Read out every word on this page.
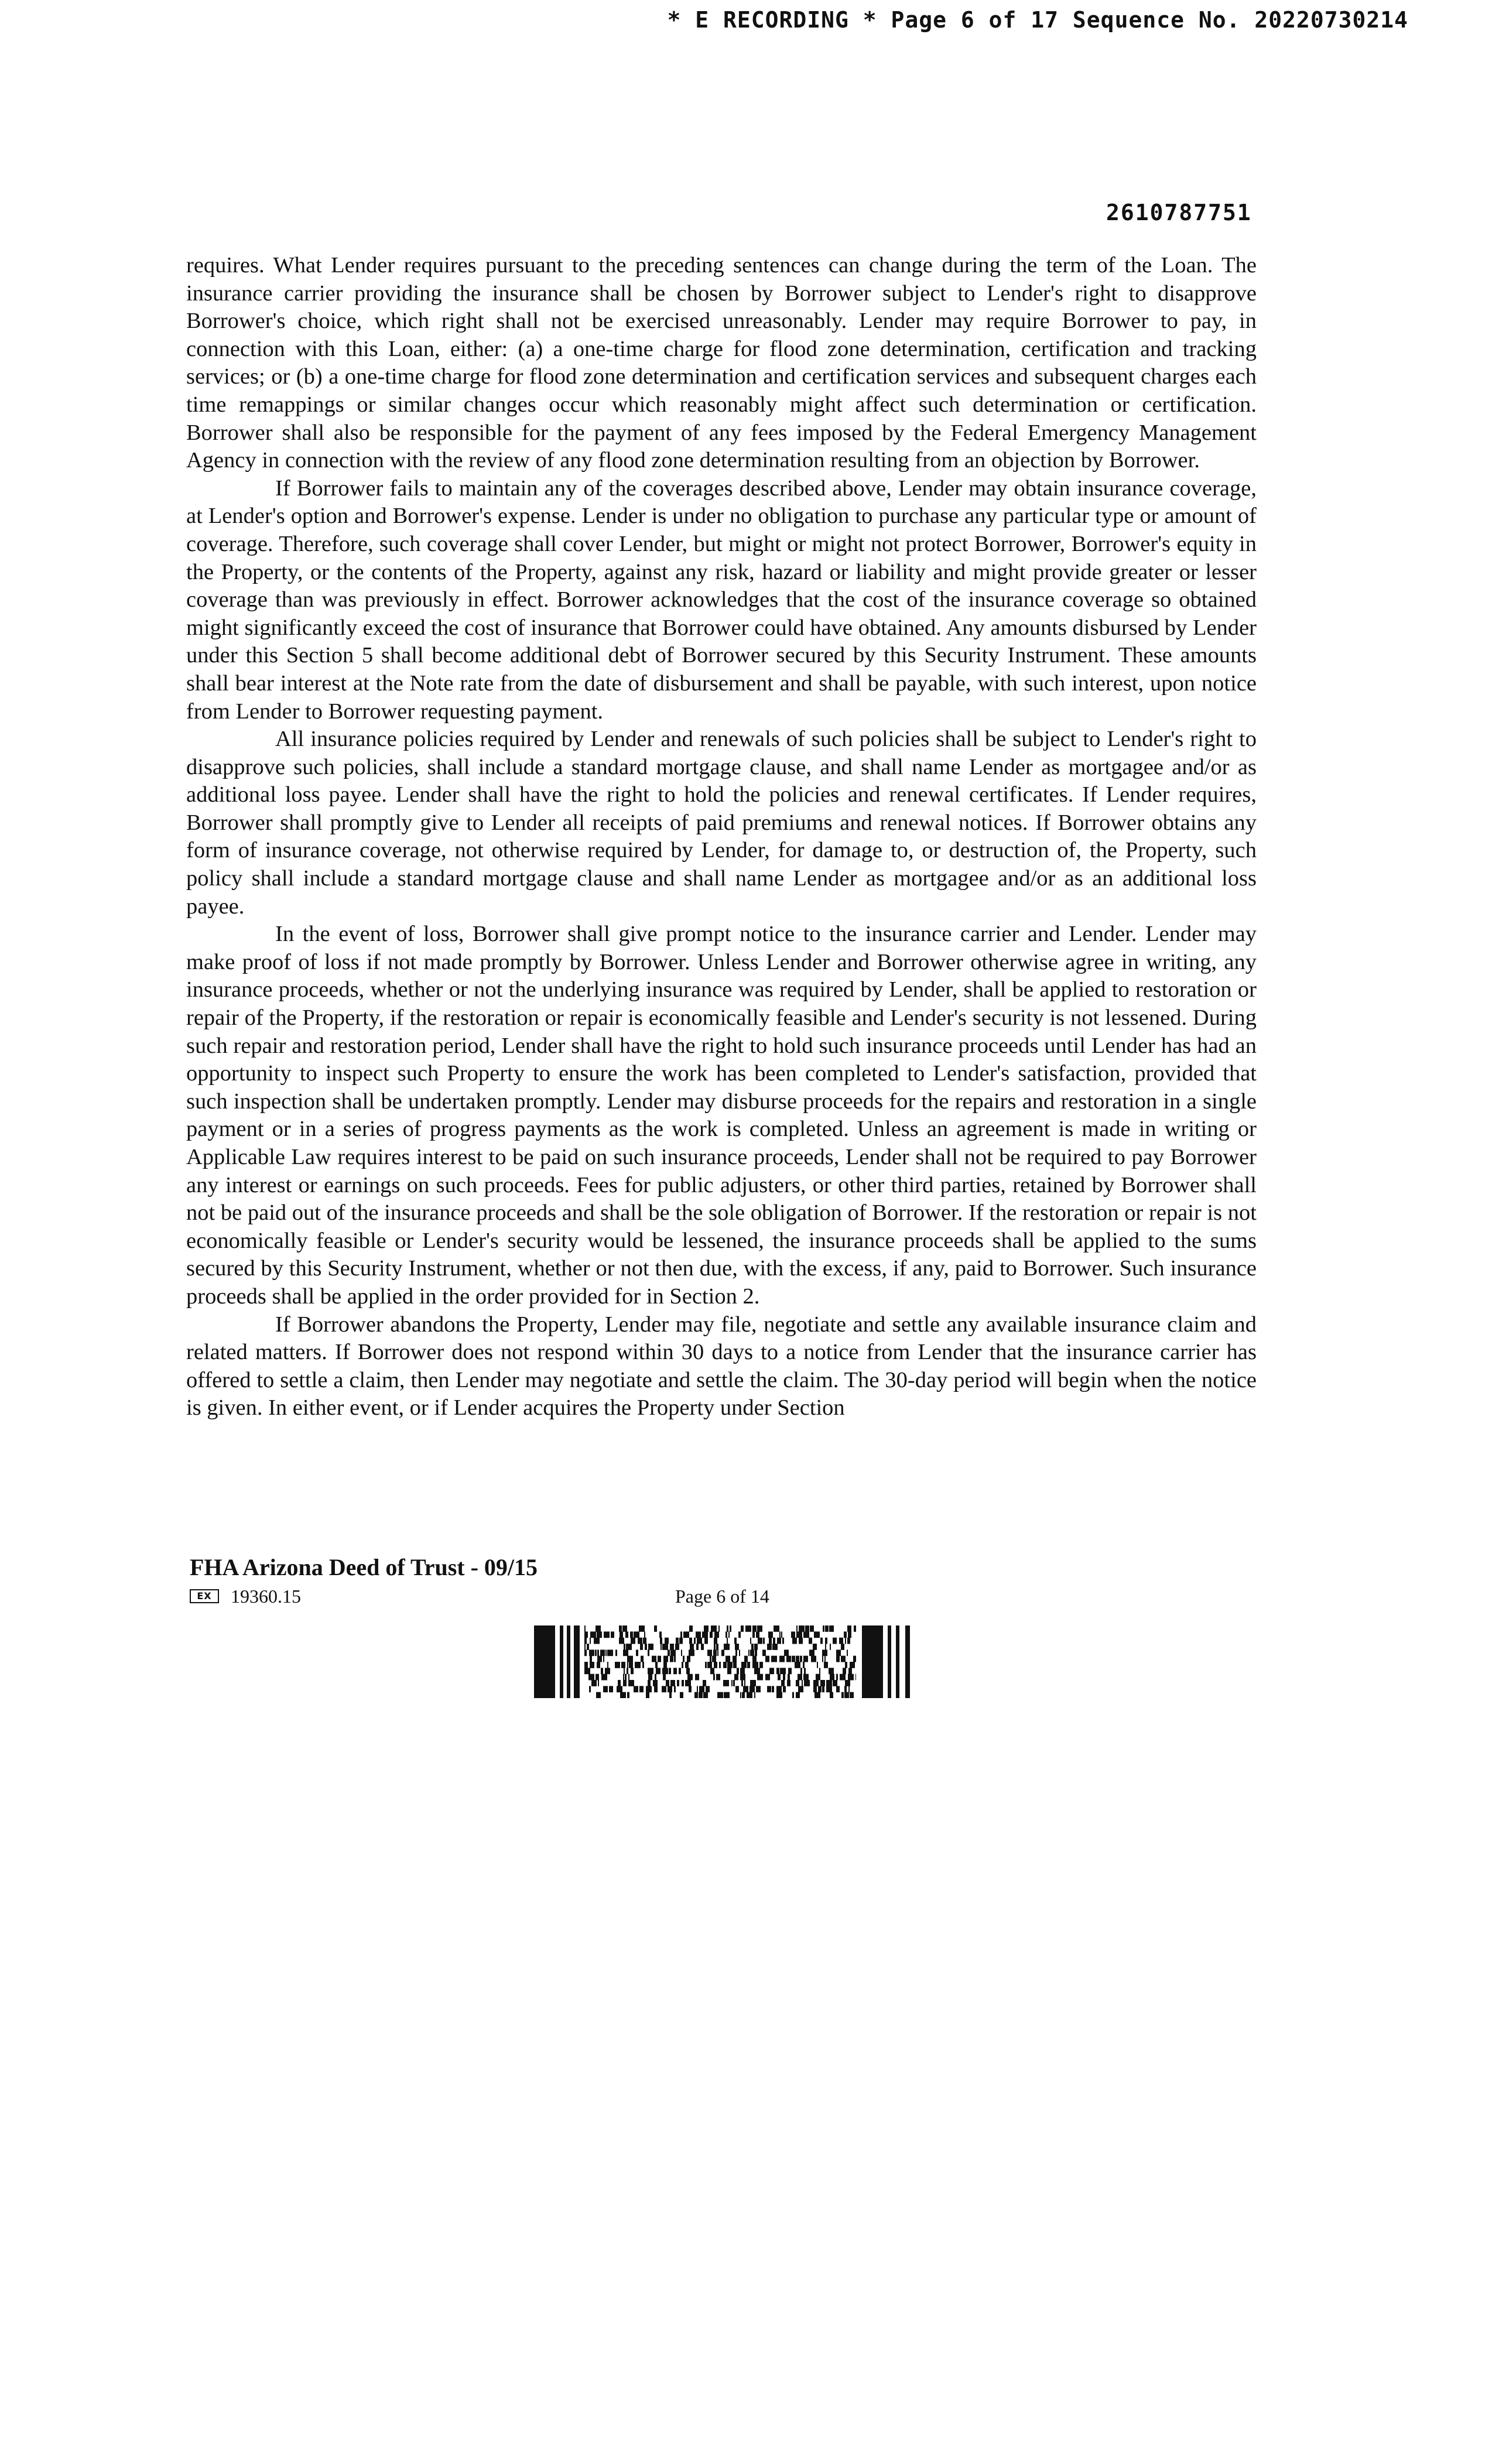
* E RECORDING * Page 6 of 17 Sequence No. 20220730214
2610787751

requires. What Lender requires pursuant to the preceding sentences can change during the term of the Loan. The insurance carrier providing the insurance shall be chosen by Borrower subject to Lender's right to disapprove Borrower's choice, which right shall not be exercised unreasonably. Lender may require Borrower to pay, in connection with this Loan, either: (a) a one-time charge for flood zone determination, certification and tracking services; or (b) a one-time charge for flood zone determination and certification services and subsequent charges each time remappings or similar changes occur which reasonably might affect such determination or certification. Borrower shall also be responsible for the payment of any fees imposed by the Federal Emergency Management Agency in connection with the review of any flood zone determination resulting from an objection by Borrower.

If Borrower fails to maintain any of the coverages described above, Lender may obtain insurance coverage, at Lender's option and Borrower's expense. Lender is under no obligation to purchase any particular type or amount of coverage. Therefore, such coverage shall cover Lender, but might or might not protect Borrower, Borrower's equity in the Property, or the contents of the Property, against any risk, hazard or liability and might provide greater or lesser coverage than was previously in effect. Borrower acknowledges that the cost of the insurance coverage so obtained might significantly exceed the cost of insurance that Borrower could have obtained. Any amounts disbursed by Lender under this Section 5 shall become additional debt of Borrower secured by this Security Instrument. These amounts shall bear interest at the Note rate from the date of disbursement and shall be payable, with such interest, upon notice from Lender to Borrower requesting payment.

All insurance policies required by Lender and renewals of such policies shall be subject to Lender's right to disapprove such policies, shall include a standard mortgage clause, and shall name Lender as mortgagee and/or as additional loss payee. Lender shall have the right to hold the policies and renewal certificates. If Lender requires, Borrower shall promptly give to Lender all receipts of paid premiums and renewal notices. If Borrower obtains any form of insurance coverage, not otherwise required by Lender, for damage to, or destruction of, the Property, such policy shall include a standard mortgage clause and shall name Lender as mortgagee and/or as an additional loss payee.

In the event of loss, Borrower shall give prompt notice to the insurance carrier and Lender. Lender may make proof of loss if not made promptly by Borrower. Unless Lender and Borrower otherwise agree in writing, any insurance proceeds, whether or not the underlying insurance was required by Lender, shall be applied to restoration or repair of the Property, if the restoration or repair is economically feasible and Lender's security is not lessened. During such repair and restoration period, Lender shall have the right to hold such insurance proceeds until Lender has had an opportunity to inspect such Property to ensure the work has been completed to Lender's satisfaction, provided that such inspection shall be undertaken promptly. Lender may disburse proceeds for the repairs and restoration in a single payment or in a series of progress payments as the work is completed. Unless an agreement is made in writing or Applicable Law requires interest to be paid on such insurance proceeds, Lender shall not be required to pay Borrower any interest or earnings on such proceeds. Fees for public adjusters, or other third parties, retained by Borrower shall not be paid out of the insurance proceeds and shall be the sole obligation of Borrower. If the restoration or repair is not economically feasible or Lender's security would be lessened, the insurance proceeds shall be applied to the sums secured by this Security Instrument, whether or not then due, with the excess, if any, paid to Borrower. Such insurance proceeds shall be applied in the order provided for in Section 2.

If Borrower abandons the Property, Lender may file, negotiate and settle any available insurance claim and related matters. If Borrower does not respond within 30 days to a notice from Lender that the insurance carrier has offered to settle a claim, then Lender may negotiate and settle the claim. The 30-day period will begin when the notice is given. In either event, or if Lender acquires the Property under Section

FHA Arizona Deed of Trust - 09/15
EX	19360.15	Page 6 of 14
